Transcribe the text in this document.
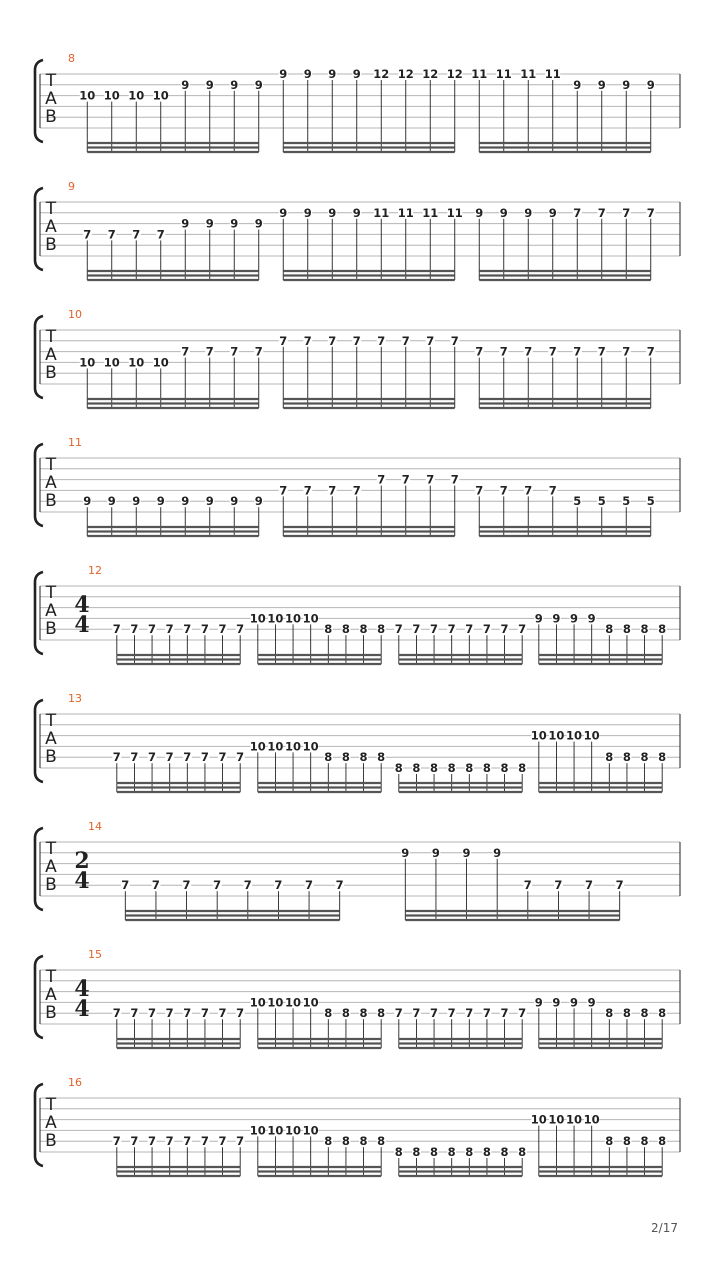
T
A
B
8
10 10 10 10
9 9 9 9
9 9 9 9 12 12 12 12 11 11 11 11
9 9 9 9
T
A
B
9
7 7 7 7
9 9 9 9
9 9 9 9 11 11 11 11 9 9 9 9 7 7 7 7
T
A
B
10
10 10 10 10
7 7 7 7
7 7 7 7 7 7 7 7
7 7 7 7 7 7 7 7
T
A
B
11
9 9 9 9 9 9 9 9
7 7 7 7
7 7 7 7
7 7 7 7
5 5 5 5
T
A
B
12
4
4 7 7 7 7 7 7 7 7
10 10 10 10
8 8 8 8 7 7 7 7 7 7 7 7
9 9 9 9
8 8 8 8
T
A
B
13
7 7 7 7 7 7 7 7
10 10 10 10
8 8 8 8
8 8 8 8 8 8 8 8
10 10 10 10
8 8 8 8
T
A
B
14
2
4	7 7 7 7 7 7 7 7
9 9 9 9
7 7 7 7
T
A
B
15
4
4 7 7 7 7 7 7 7 7
10 10 10 10
8 8 8 8 7 7 7 7 7 7 7 7
9 9 9 9
8 8 8 8
T
A
B
16
7 7 7 7 7 7 7 7
10 10 10 10
8 8 8 8
8 8 8 8 8 8 8 8
10 10 10 10
8 8 8 8
2/17
